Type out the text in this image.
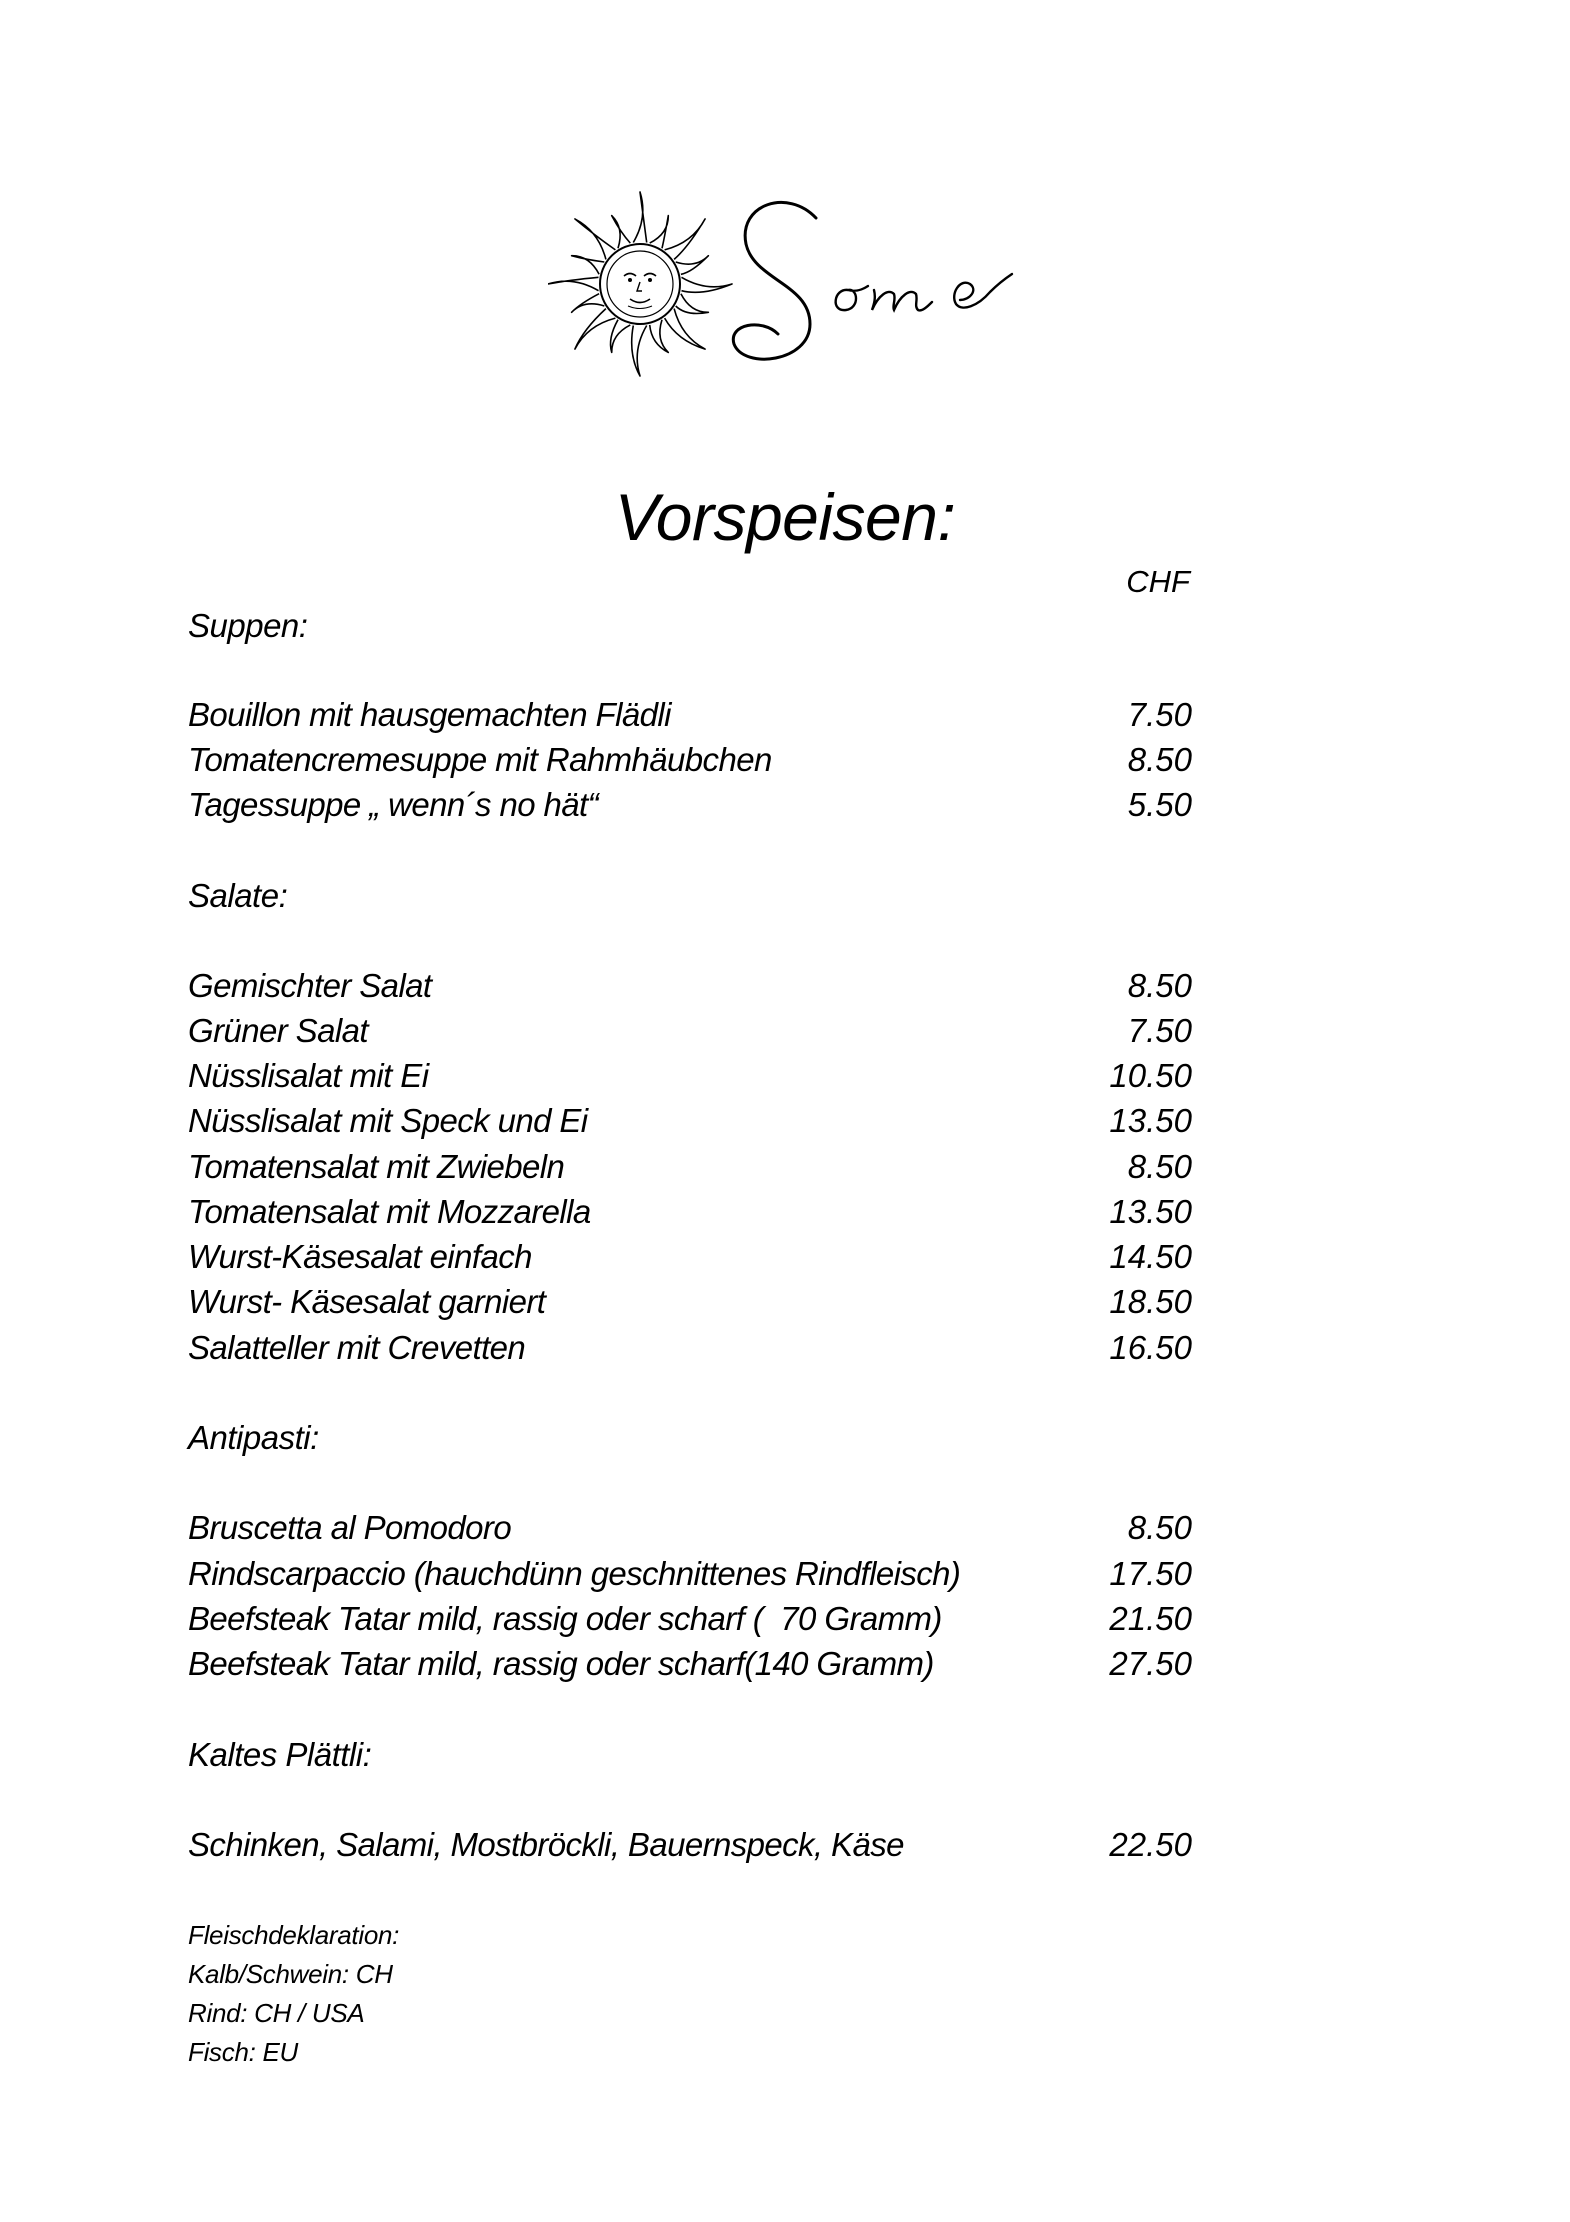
Vorspeisen:
CHF
Suppen:
Bouillon mit hausgemachten Flädli	7.50
Tomatencremesuppe mit Rahmhäubchen	8.50
Tagessuppe „ wenn´s no hät“	5.50
Salate:
Gemischter Salat	8.50
Grüner Salat	7.50
Nüsslisalat mit Ei	10.50
Nüsslisalat mit Speck und Ei	13.50
Tomatensalat mit Zwiebeln	8.50
Tomatensalat mit Mozzarella	13.50
Wurst-Käsesalat einfach	14.50
Wurst- Käsesalat garniert	18.50
Salatteller mit Crevetten	16.50
Antipasti:
Bruscetta al Pomodoro	8.50
Rindscarpaccio (hauchdünn geschnittenes Rindfleisch)	17.50
Beefsteak Tatar mild, rassig oder scharf (  70 Gramm)	21.50
Beefsteak Tatar mild, rassig oder scharf(140 Gramm)	27.50
Kaltes Plättli:
Schinken, Salami, Mostbröckli, Bauernspeck, Käse	22.50
Fleischdeklaration:
Kalb/Schwein: CH
Rind: CH / USA
Fisch: EU
